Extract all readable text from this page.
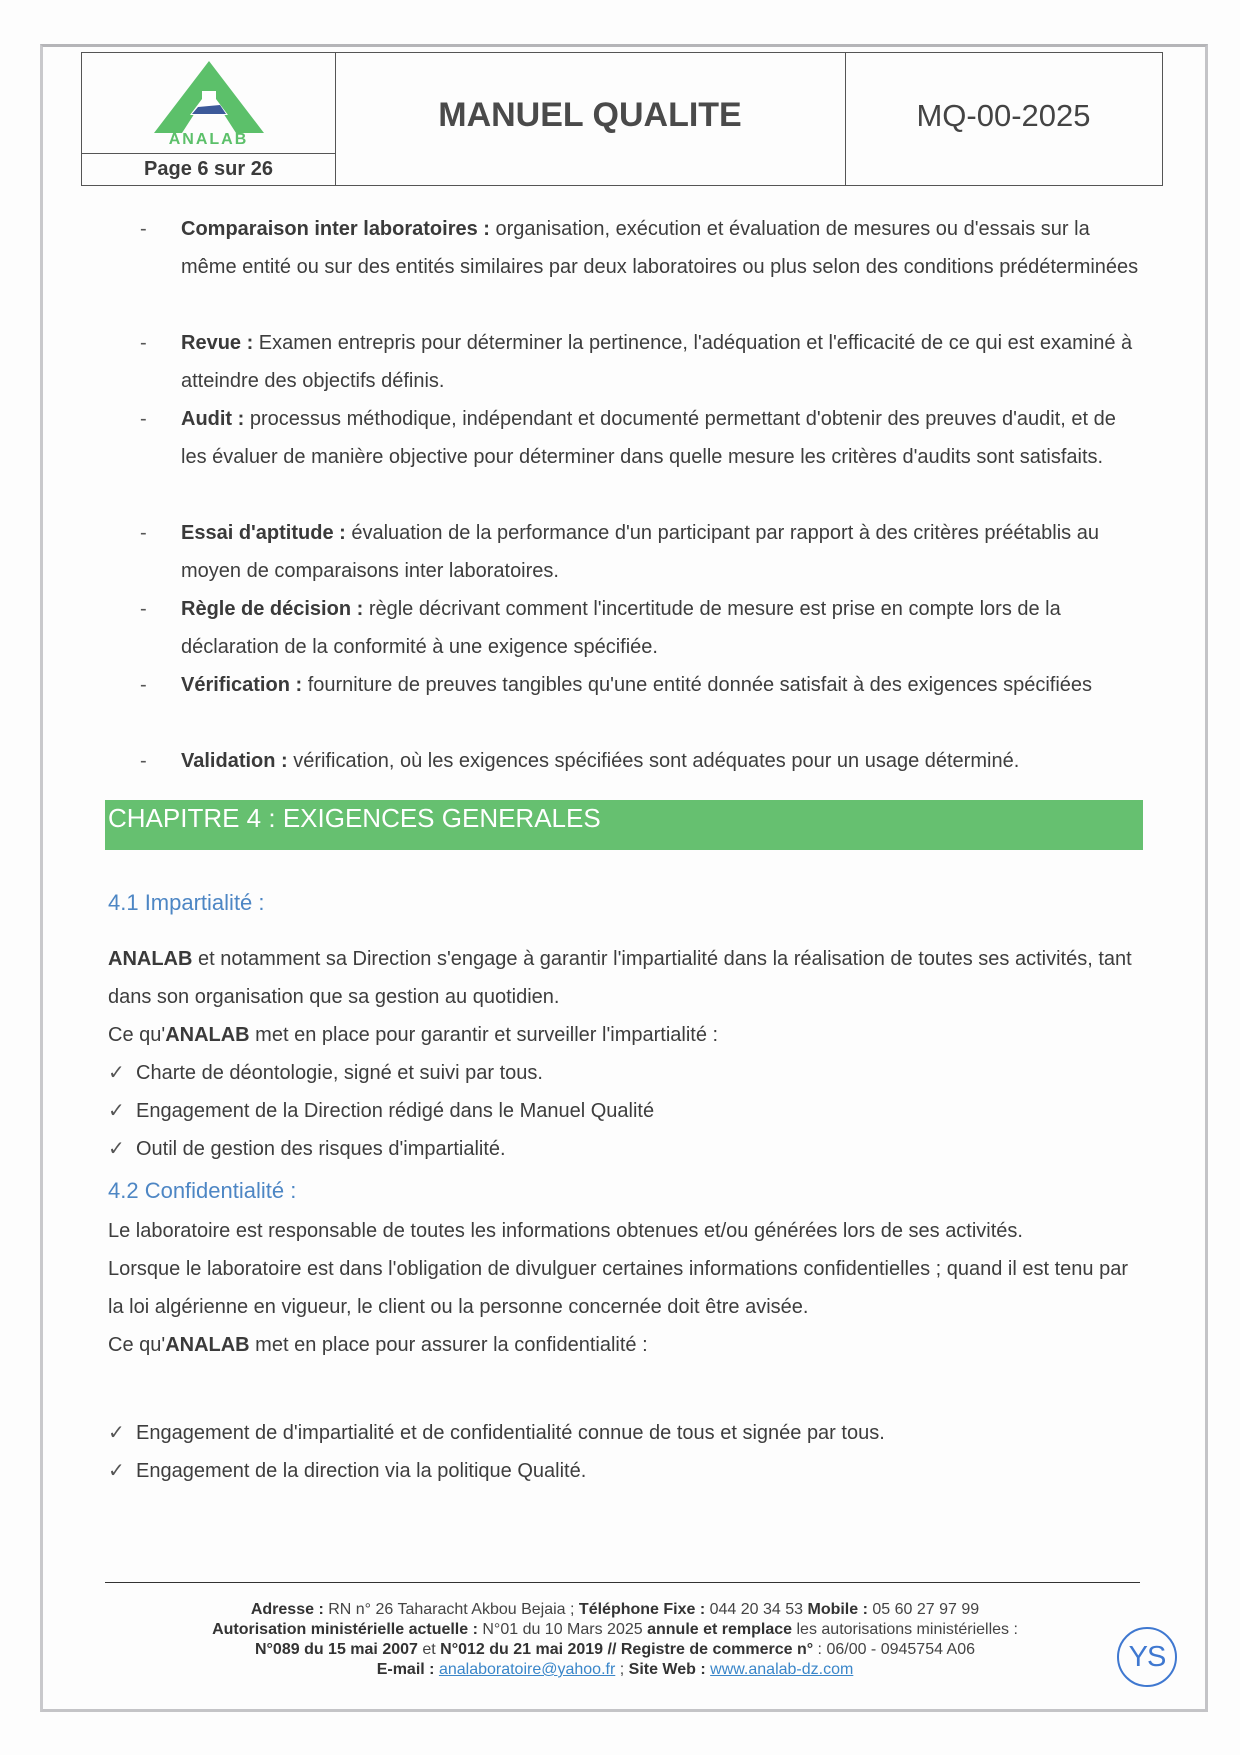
ANALAB
Page 6 sur 26
MANUEL QUALITE	MQ-00-2025
-	Comparaison inter laboratoires : organisation, exécution et évaluation de mesures ou d'essais sur la même entité ou sur des entités similaires par deux laboratoires ou plus selon des conditions prédéterminées
-	Revue : Examen entrepris pour déterminer la pertinence, l'adéquation et l'efficacité de ce qui est examiné à atteindre des objectifs définis.
-	Audit : processus méthodique, indépendant et documenté permettant d'obtenir des preuves d'audit, et de les évaluer de manière objective pour déterminer dans quelle mesure les critères d'audits sont satisfaits.
-	Essai d'aptitude : évaluation de la performance d'un participant par rapport à des critères préétablis au moyen de comparaisons inter laboratoires.
-	Règle de décision : règle décrivant comment l'incertitude de mesure est prise en compte lors de la déclaration de la conformité à une exigence spécifiée.
-	Vérification : fourniture de preuves tangibles qu'une entité donnée satisfait à des exigences spécifiées
-	Validation : vérification, où les exigences spécifiées sont adéquates pour un usage déterminé.
CHAPITRE 4 : EXIGENCES GENERALES
4.1 Impartialité :
ANALAB et notamment sa Direction s'engage à garantir l'impartialité dans la réalisation de toutes ses activités, tant dans son organisation que sa gestion au quotidien.
Ce qu'ANALAB met en place pour garantir et surveiller l'impartialité :
✓ Charte de déontologie, signé et suivi par tous.
✓ Engagement de la Direction rédigé dans le Manuel Qualité
✓ Outil de gestion des risques d'impartialité.
4.2 Confidentialité :
Le laboratoire est responsable de toutes les informations obtenues et/ou générées lors de ses activités.
Lorsque le laboratoire est dans l'obligation de divulguer certaines informations confidentielles ; quand il est tenu par la loi algérienne en vigueur, le client ou la personne concernée doit être avisée.
Ce qu'ANALAB met en place pour assurer la confidentialité :
✓ Engagement de d'impartialité et de confidentialité connue de tous et signée par tous.
✓ Engagement de la direction via la politique Qualité.
Adresse : RN n° 26 Taharacht Akbou Bejaia ; Téléphone Fixe : 044 20 34 53 Mobile : 05 60 27 97 99
Autorisation ministérielle actuelle : N°01 du 10 Mars 2025 annule et remplace les autorisations ministérielles :
N°089 du 15 mai 2007 et N°012 du 21 mai 2019 // Registre de commerce n° : 06/00 - 0945754 A06
E-mail : analaboratoire@yahoo.fr ; Site Web : www.analab-dz.com	YS
